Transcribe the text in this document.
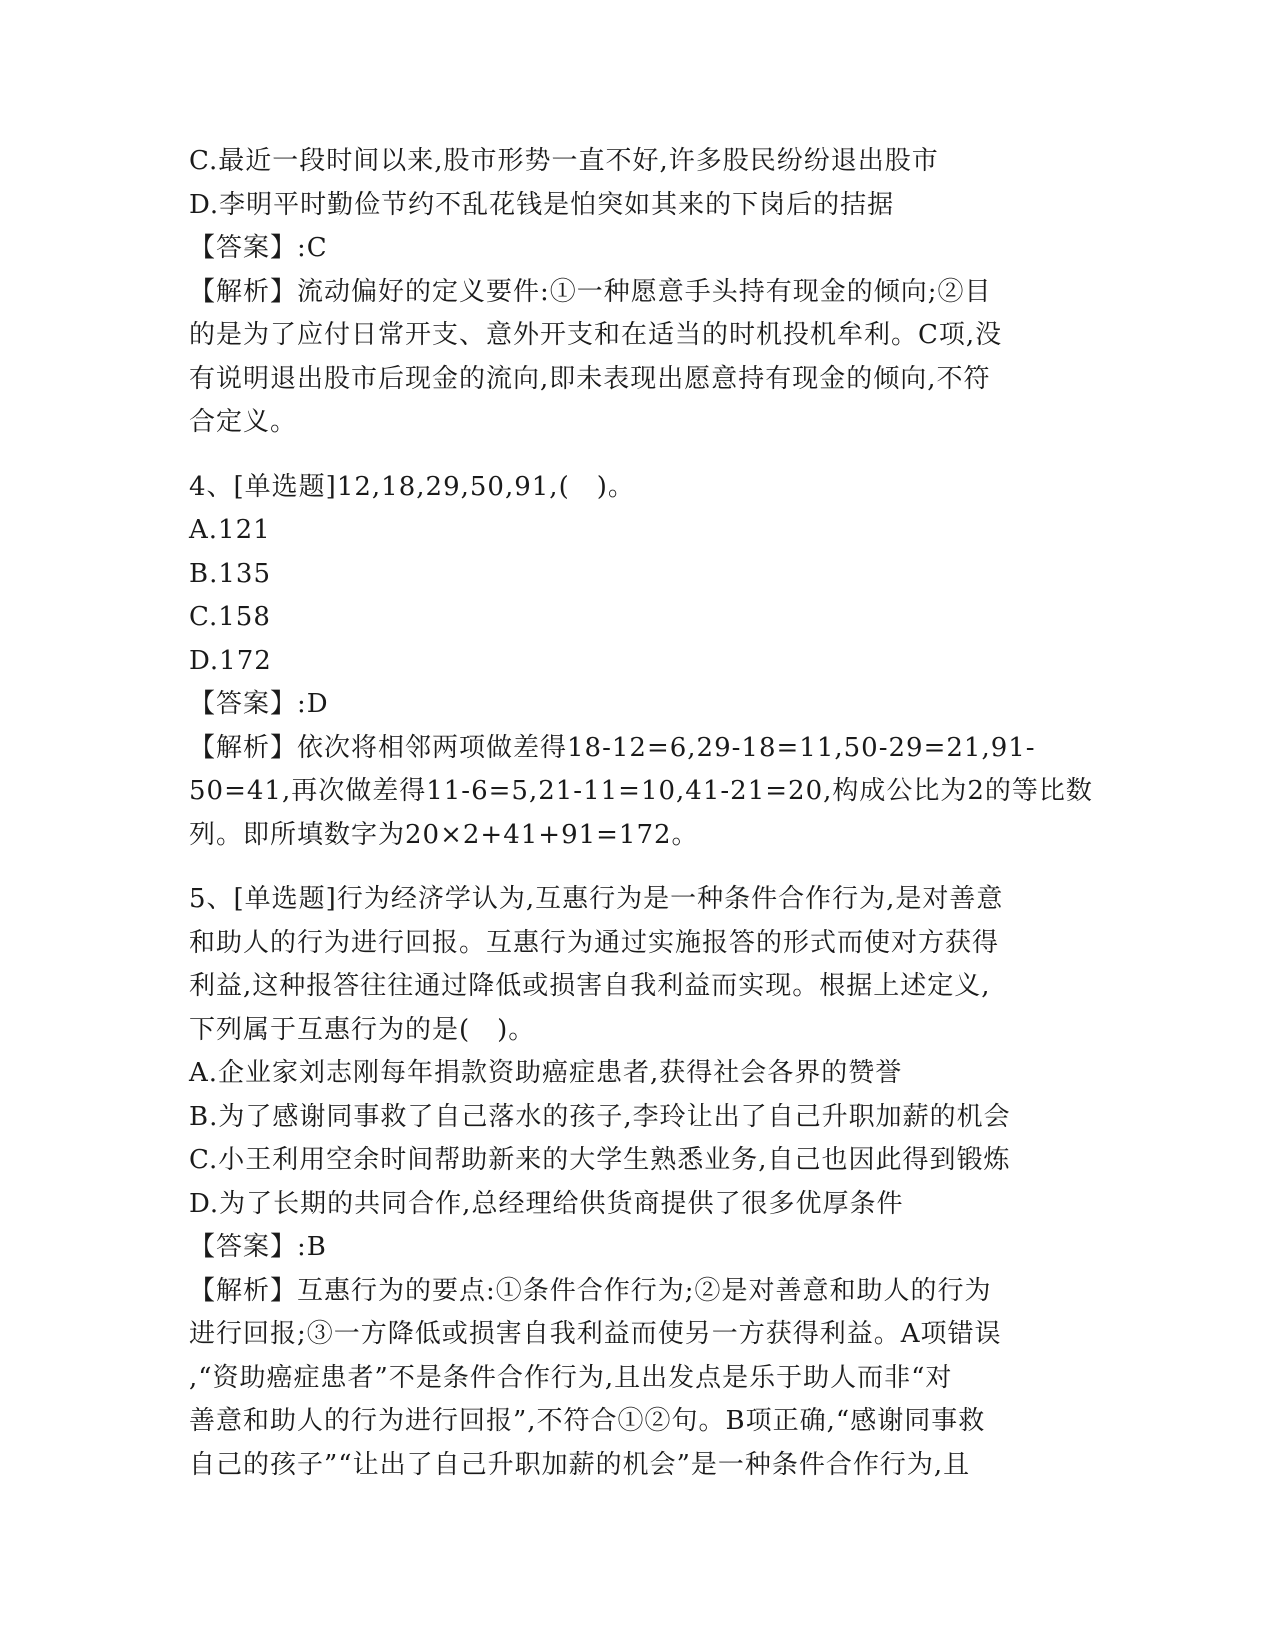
C.最近一段时间以来,股市形势一直不好,许多股民纷纷退出股市
D.李明平时勤俭节约不乱花钱是怕突如其来的下岗后的拮据
【答案】:C
【解析】流动偏好的定义要件:①一种愿意手头持有现金的倾向;②目
的是为了应付日常开支、意外开支和在适当的时机投机牟利。C项,没
有说明退出股市后现金的流向,即未表现出愿意持有现金的倾向,不符
合定义。
4、[单选题]12,18,29,50,91,(　)。
A.121
B.135
C.158
D.172
【答案】:D
【解析】依次将相邻两项做差得18-12=6,29-18=11,50-29=21,91-
50=41,再次做差得11-6=5,21-11=10,41-21=20,构成公比为2的等比数
列。即所填数字为20×2+41+91=172。
5、[单选题]行为经济学认为,互惠行为是一种条件合作行为,是对善意
和助人的行为进行回报。互惠行为通过实施报答的形式而使对方获得
利益,这种报答往往通过降低或损害自我利益而实现。根据上述定义,
下列属于互惠行为的是(　)。
A.企业家刘志刚每年捐款资助癌症患者,获得社会各界的赞誉
B.为了感谢同事救了自己落水的孩子,李玲让出了自己升职加薪的机会
C.小王利用空余时间帮助新来的大学生熟悉业务,自己也因此得到锻炼
D.为了长期的共同合作,总经理给供货商提供了很多优厚条件
【答案】:B
【解析】互惠行为的要点:①条件合作行为;②是对善意和助人的行为
进行回报;③一方降低或损害自我利益而使另一方获得利益。A项错误
,“资助癌症患者”不是条件合作行为,且出发点是乐于助人而非“对
善意和助人的行为进行回报”,不符合①②句。B项正确,“感谢同事救
自己的孩子”“让出了自己升职加薪的机会”是一种条件合作行为,且
